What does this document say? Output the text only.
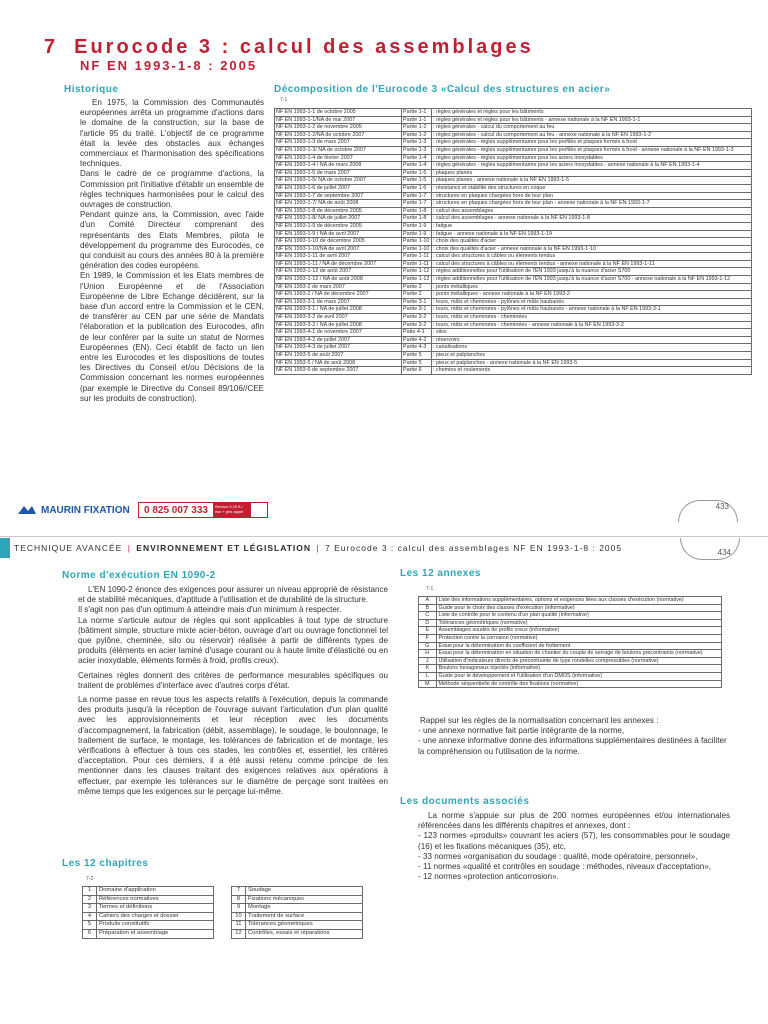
7 Eurocode 3 : calcul des assemblages
NF EN 1993-1-8 : 2005
Historique

En 1975, la Commission des Communautés européennes arrêta un programme d'actions dans le domaine de la construction, sur la base de l'article 95 du traité. L'objectif de ce programme était la levée des obstacles aux échanges commerciaux et l'harmonisation des spécifications techniques.

Dans le cadre de ce programme d'actions, la Commission prit l'initiative d'établir un ensemble de règles techniques harmonisées pour le calcul des ouvrages de construction.

Pendant quinze ans, la Commission, avec l'aide d'un Comité Directeur comprenant des représentants des Etats Membres, pilota le développement du programme des Eurocodes, ce qui conduisit au cours des années 80 à la première génération des codes européens.

En 1989, le Commission et les Etats membres de l'Union Européenne et de l'Association Européenne de Libre Echange décidèrent, sur la base d'un accord entre la Commission et le CEN, de transférer au CEN par une série de Mandats l'élaboration et la publication des Eurocodes, afin de leur conférer par la suite un statut de Normes Européennes (EN). Ceci établit de facto un lien entre les Eurocodes et les dispositions de toutes les Directives du Conseil et/ou Décisions de la Commission concernant les normes européennes (par exemple le Directive du Conseil 89/106//CEE sur les produits de construction).

Décomposition de l'Eurocode 3 «Calcul des structures en acier»
7-1
NF EN 1993-1-1 de octobre 2005	Partie 1-1	: règles générales et règles pour les bâtiments
NF EN 1993-1-1/NA de mai 2007	Partie 1-1	: règles générales et règles pour les bâtiments - annexe nationale à la NF EN 1993-1-1
NF EN 1993-1-2 de novembre 2005	Partie 1-2	: règles générales - calcul du comportement au feu
NF EN 1993-1-2/NA de octobre 2007	Partie 1-2	: règles générales - calcul du comportement au feu - annexe nationale à la NF EN 1993-1-2
NF EN 1993-1-3 de mars 2007	Partie 1-3	: règles générales - règles supplémentaires pour les profilés et plaques formés à froid
NF EN 1993-1-3/ NA de octobre 2007	Partie 1-3	: règles générales - règles supplémentaires pour les profilés et plaques formés à froid - annexe nationale à la NF EN 1993-1-3
NF EN 1993-1-4 de février 2007	Partie 1-4	: règles générales - règles supplémentaires pour les aciers inoxydables
NF EN 1993-1-4 / NA de mars 2008	Partie 1-4	: règles générales - règles supplémentaires pour les aciers inoxydables - annexe nationale à la NF EN 1993-1-4
NF EN 1993-1-5 de mars 2007	Partie 1-5	: plaques planes
NF EN 1993-1-5/ NA de octobre 2007	Partie 1-5	: plaques planes - annexe nationale à la NF EN 1993-1-5
NF EN 1993-1-6 de juillet 2007	Partie 1-6	: résistance et stabilité des structures en coque
NF EN 1993-1-7 de septembre 2007	Partie 1-7	: structures en plaques chargées hors de leur plan
NF EN 1993-1-7/ NA de août 2008	Partie 1-7	: structures en plaques chargées hors de leur plan - annexe nationale à la NF EN 1993-1-7
NF EN 1993-1-8 de décembre 2005	Partie 1-8	: calcul des assemblages
NF EN 1993-1-8/ NA de juillet 2007	Partie 1-8	: calcul des assemblages - annexe nationale à la NF EN 1993-1-8
NF EN 1993-1-9 de décembre 2005	Partie 1-9	: fatigue
NF EN 1993-1-9 / NA de avril 2007	Partie 1-9	: fatigue - annexe nationale à la NF EN 1993-1-19
NF EN 1993-1-10 de décembre 2005	Partie 1-10	: choix des qualités d'acier
NF EN 1993-1-10/NA de avril 2007	Partie 1-10	: choix des qualités d'acier - annexe nationale à la NF EN 1993-1-10
NF EN 1993-1-11 de avril 2007	Partie 1-11	: calcul des structures à câbles ou éléments tendus
NF EN 1993-1-11 / NA de décembre 2007	Partie 1-11	: calcul des structures à câbles ou éléments tendus - annexe nationale à la NF EN 1993-1-11
NF EN 1993-1-12 de août 2007	Partie 1-12	: règles additionnelles pour l'utilisation de l'EN 1993 jusqu'à la nuance d'acier S700
NF EN 1993-1-12 / NA de août 2008	Partie 1-12	: règles additionnelles pour l'utilisation de l'EN 1993 jusqu'à la nuance d'acier S700 - annexe nationale à la NF EN 1993-1-12
NF EN 1993-2 de mars 2007	Partie 2	: ponts métalliques
NF EN 1993-2 / NA de décembre 2007	Partie 2	: ponts métalliques - annexe nationale à la NF EN 1993-2
NF EN 1993-3-1 de mars 2007	Partie 3-1	: tours, mâts et cheminées - pylônes et mâts haubanés
NF EN 1993-3-1 / NA de juillet 2008	Partie 3-1	: tours, mâts et cheminées - pylônes et mâts haubanés - annexe nationale à la NF EN 1993-3-1
NF EN 1993-3-2 de avril 2007	Partie 3-2	: tours, mâts et cheminées - cheminées
NF EN 1993-3-2 / NA de juillet 2008	Partie 3-2	: tours, mâts et cheminées - cheminées - annexe nationale à la NF EN 1993-3-2
NF EN 1993-4-1 de novembre 2007	Patie 4-1	: silos
NF EN 1993-4-2 de juillet 2007	Partie 4-2	: réservoirs
NF EN 1993-4-3 de juillet 2007	Partie 4-3	: canalisations
NF EN 1993-5 de août 2007	Partie 5	: pieux et palplanches
NF EN 1993-5 / NA de août 2008	Partie 5	: pieux et palplanches - annexe nationale à la NF EN 1993-5
NF EN 1993-6 de septembre 2007	Partie 6	: chemins et roulements
MAURIN FIXATION	0 825 007 333	Service 0,15 € / min + prix appel
433
TECHNIQUE AVANCÉE | ENVIRONNEMENT ET LÉGISLATION | 7 Eurocode 3 : calcul des assemblages NF EN 1993-1-8 : 2005	434
Norme d'exécution EN 1090-2

L'EN 1090-2 énonce des exigences pour assurer un niveau approprié de résistance et de stabilité mécaniques, d'aptitude à l'utilisation et de durabilité de la structure.

Il s'agit non pas d'un optimum à atteindre mais d'un minimum à respecter.

La norme s'articule autour de règles qui sont applicables à tout type de structure (bâtiment simple, structure mixte acier-béton, ouvrage d'art ou ouvrage fonctionnel tel que pylône, cheminée, silo ou réservoir) réalisée à partir de différents types de produits (éléments en acier laminé d'usage courant ou à haute limite d'élasticité ou en acier inoxydable, éléments formés à froid, profils creux).

Certaines règles donnent des critères de performance mesurables spécifiques ou traitent de problèmes d'interface avec d'autres corps d'état.

La norme passe en revue tous les aspects relatifs à l'exécution, depuis la commande des produits jusqu'à la réception de l'ouvrage suivant l'articulation d'un plan qualité avec les approvisionnements et leur réception avec les documents d'accompagnement, la fabrication (débit, assemblage), le soudage, le boulonnage, le traitement de surface, le montage, les tolérances de fabrication et de montage, les vérifications à effectuer à tous ces stades, les contrôles et, essentiel, les critères d'acceptation. Pour ces derniers, il a été aussi retenu comme principe de les mentionner dans les clauses traitant des exigences relatives aux opérations à effectuer, par exemple les tolérances sur le diamètre de perçage sont traitées en même temps que les exigences sur le perçage lui-même.

Les 12 chapitres
7-2
1	Domaine d'application		7	Soudage
2	Références normatives		8	Fixations mécaniques
3	Termes et définitions		9	Montage
4	Cahiers des charges et dossier		10	Traitement de surface
5	Produits constitutifs		11	Tolérances géométriques
6	Préparation et assemblage		12	Contrôles, essais et réparations
Les 12 annexes
7-1
A	Liste des informations supplémentaires, options et exigences liées aux classes d'exécution (normative)
B	Guide pour le choix des classes d'exécution (informative)
C	Liste de contrôle pour le contenu d'un plan qualité (informative)
D	Tolérances géométriques (normative)
E	Assemblages soudés de profils creux (informative)
F	Protection contre la corrosion (normative)
G	Essai pour la détermination du coefficient de frottement
H	Essai pour la détermination en situation de chantier du couple de serrage de boulons précontraints (normative)
J	Utilisation d'indicateurs directs de précontrainte de type rondelles compressibles (normative)
K	Boulons hexagonaux injectés (informative)
L	Guide pour le développement et l'utilisation d'un DMOS (informative)
M	Méthode séquentielle de contrôle des fixations (normative)

Rappel sur les règles de la normalisation concernant les annexes :

- une annexe normative fait partie intégrante de la norme,
- une annexe informative donne des informations supplémentaires destinées à faciliter la compréhension ou l'utilisation de la norme.
Les documents associés

La norme s'appuie sur plus de 200 normes européennes et/ou internationales référencées dans les différents chapitres et annexes, dont :

- 123 normes «produits» couvrant les aciers (57), les consommables pour le soudage (16) et les fixations mécaniques (35), etc,
- 33 normes «organisation du soudage : qualité, mode opératoire, personnel»,
- 11 normes «qualité et contrôles en soudage : méthodes, niveaux d'acceptation»,
- 12 normes «protection anticorrosion».
